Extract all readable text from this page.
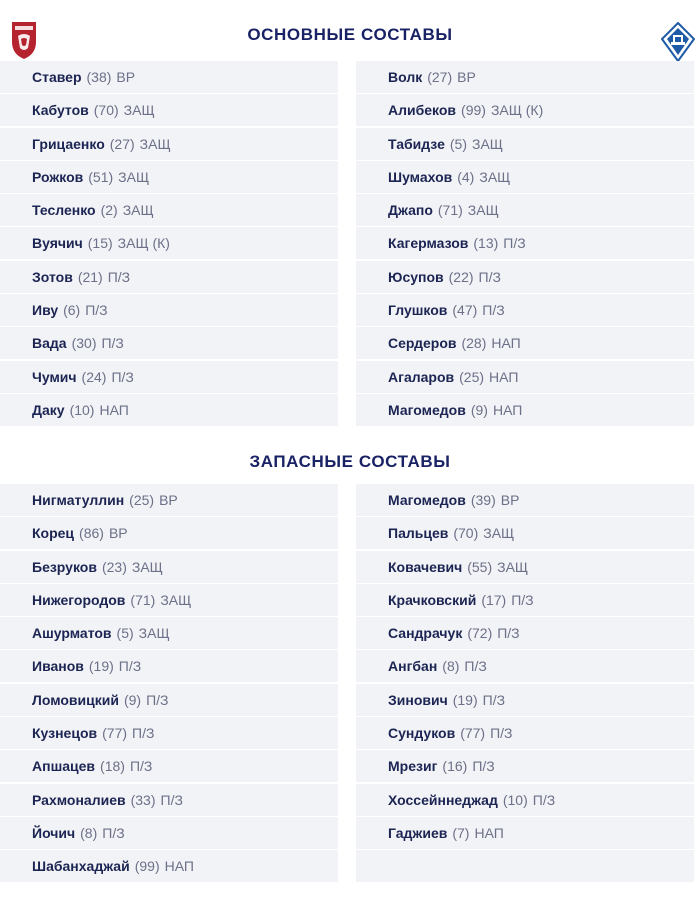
ОСНОВНЫЕ СОСТАВЫ
Ставер (38) ВР
Кабутов (70) ЗАЩ
Грицаенко (27) ЗАЩ
Рожков (51) ЗАЩ
Тесленко (2) ЗАЩ
Вуячич (15) ЗАЩ (К)
Зотов (21) П/З
Иву (6) П/З
Вада (30) П/З
Чумич (24) П/З
Даку (10) НАП
Волк (27) ВР
Алибеков (99) ЗАЩ (К)
Табидзе (5) ЗАЩ
Шумахов (4) ЗАЩ
Джапо (71) ЗАЩ
Кагермазов (13) П/З
Юсупов (22) П/З
Глушков (47) П/З
Сердеров (28) НАП
Агаларов (25) НАП
Магомедов (9) НАП
ЗАПАСНЫЕ СОСТАВЫ
Нигматуллин (25) ВР
Корец (86) ВР
Безруков (23) ЗАЩ
Нижегородов (71) ЗАЩ
Ашурматов (5) ЗАЩ
Иванов (19) П/З
Ломовицкий (9) П/З
Кузнецов (77) П/З
Апшацев (18) П/З
Рахмоналиев (33) П/З
Йочич (8) П/З
Шабанхаджай (99) НАП
Магомедов (39) ВР
Пальцев (70) ЗАЩ
Ковачевич (55) ЗАЩ
Крачковский (17) П/З
Сандрачук (72) П/З
Ангбан (8) П/З
Зинович (19) П/З
Сундуков (77) П/З
Мрезиг (16) П/З
Хоссейннеджад (10) П/З
Гаджиев (7) НАП
